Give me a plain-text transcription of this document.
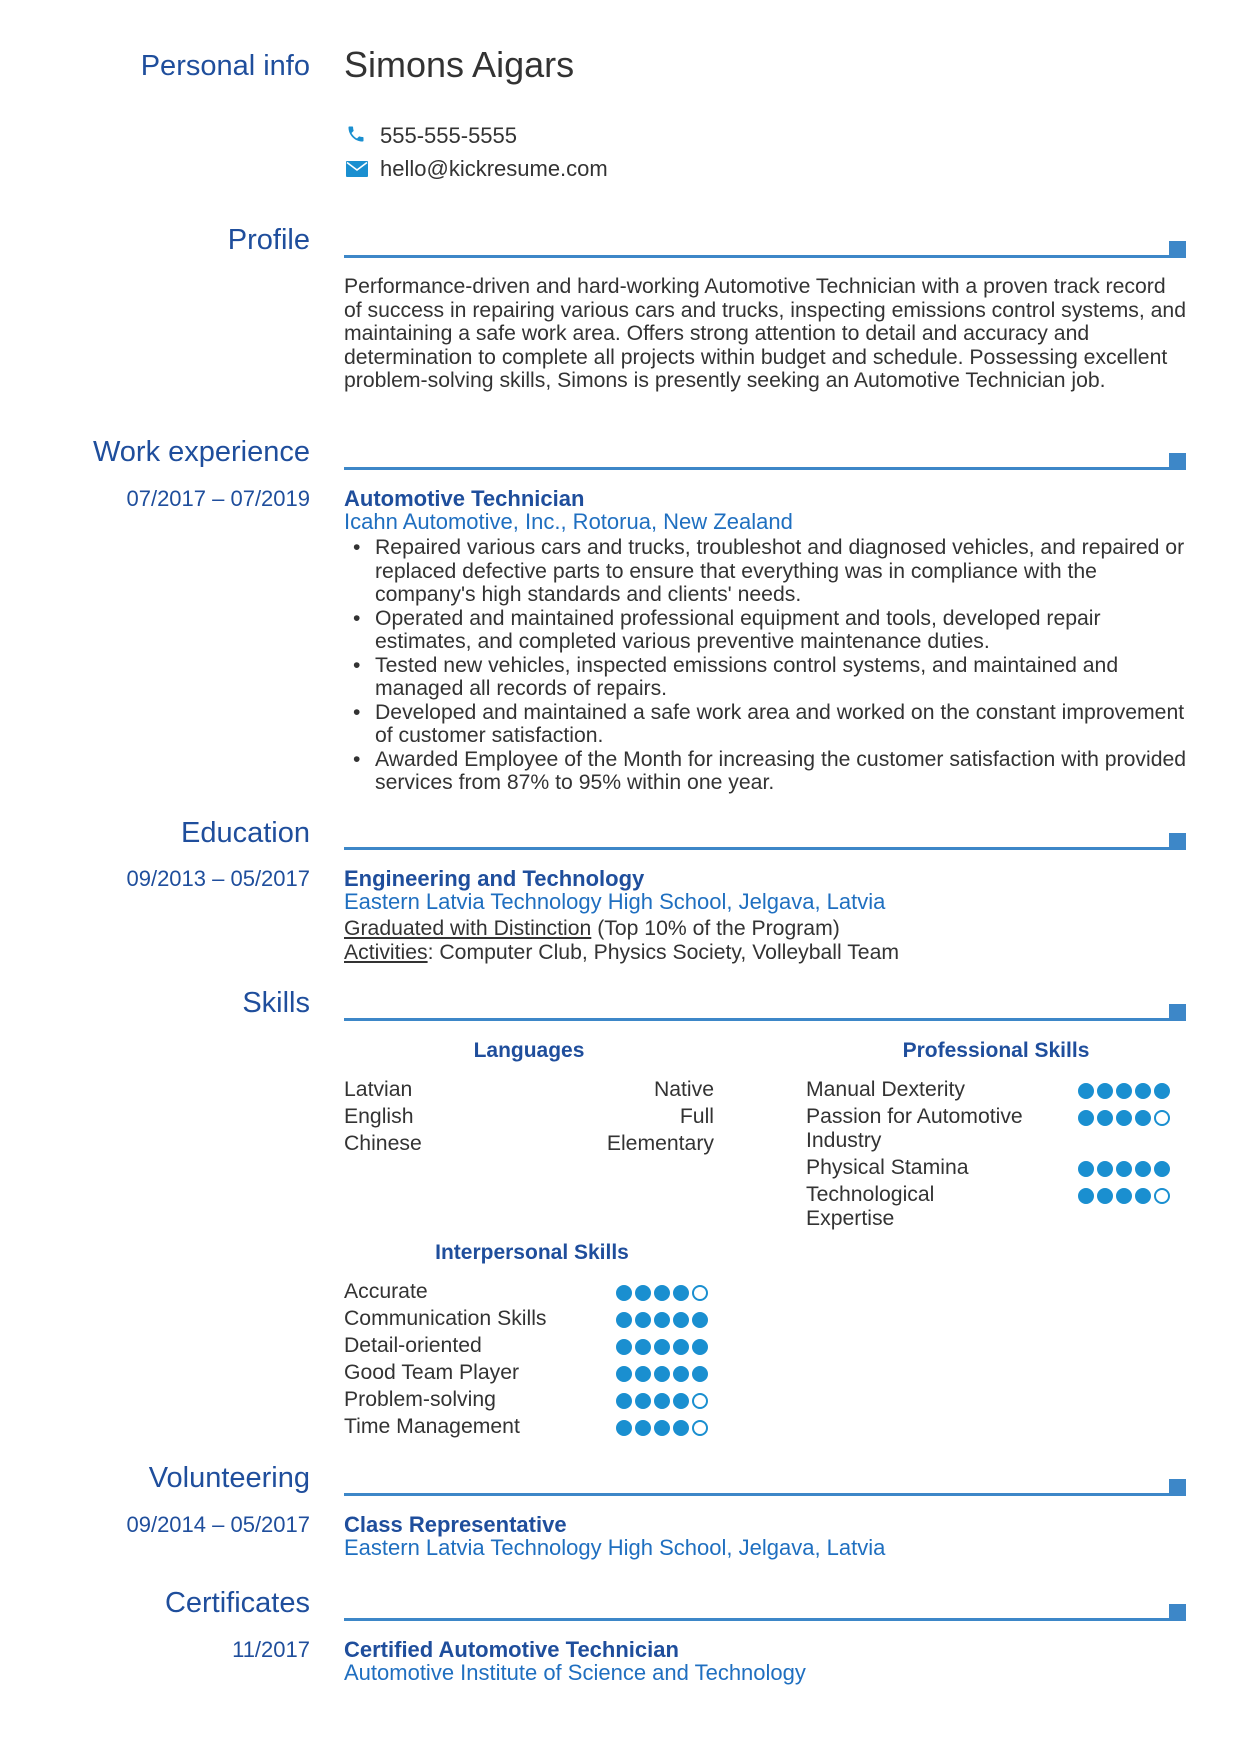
Personal info Simons Aigars
555-555-5555
hello@kickresume.com
Profile
Performance-driven and hard-working Automotive Technician with a proven track record of success in repairing various cars and trucks, inspecting emissions control systems, and maintaining a safe work area. Offers strong attention to detail and accuracy and determination to complete all projects within budget and schedule. Possessing excellent problem-solving skills, Simons is presently seeking an Automotive Technician job.
Work experience
07/2017 – 07/2019 Automotive Technician
Icahn Automotive, Inc., Rotorua, New Zealand
• Repaired various cars and trucks, troubleshot and diagnosed vehicles, and repaired or replaced defective parts to ensure that everything was in compliance with the company's high standards and clients' needs.
• Operated and maintained professional equipment and tools, developed repair estimates, and completed various preventive maintenance duties.
• Tested new vehicles, inspected emissions control systems, and maintained and managed all records of repairs.
• Developed and maintained a safe work area and worked on the constant improvement of customer satisfaction.
• Awarded Employee of the Month for increasing the customer satisfaction with provided services from 87% to 95% within one year.
Education
09/2013 – 05/2017 Engineering and Technology
Eastern Latvia Technology High School, Jelgava, Latvia
Graduated with Distinction (Top 10% of the Program)
Activities: Computer Club, Physics Society, Volleyball Team
Skills
Languages
Latvian	Native
English	Full
Chinese	Elementary
Professional Skills
Manual Dexterity
Passion for Automotive Industry
Physical Stamina
Technological Expertise
Interpersonal Skills
Accurate
Communication Skills
Detail-oriented
Good Team Player
Problem-solving
Time Management
Volunteering
09/2014 – 05/2017 Class Representative
Eastern Latvia Technology High School, Jelgava, Latvia
Certificates
11/2017 Certified Automotive Technician
Automotive Institute of Science and Technology
